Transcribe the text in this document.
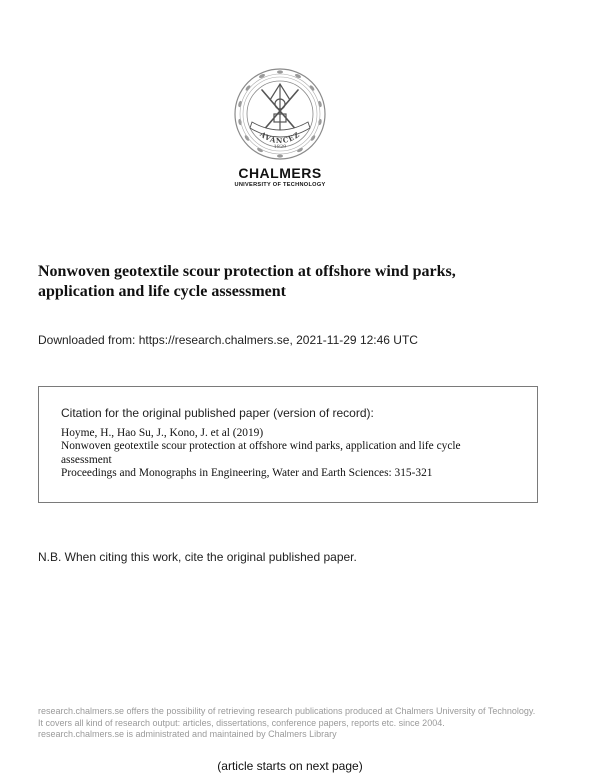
AVANCEZ
1829
CHALMERS
UNIVERSITY OF TECHNOLOGY
Nonwoven geotextile scour protection at offshore wind parks,
application and life cycle assessment
Downloaded from: https://research.chalmers.se, 2021-11-29 12:46 UTC
Citation for the original published paper (version of record):
Hoyme, H., Hao Su, J., Kono, J. et al (2019)
Nonwoven geotextile scour protection at offshore wind parks, application and life cycle
assessment
Proceedings and Monographs in Engineering, Water and Earth Sciences: 315-321
N.B. When citing this work, cite the original published paper.
research.chalmers.se offers the possibility of retrieving research publications produced at Chalmers University of Technology.
It covers all kind of research output: articles, dissertations, conference papers, reports etc. since 2004.
research.chalmers.se is administrated and maintained by Chalmers Library
(article starts on next page)
